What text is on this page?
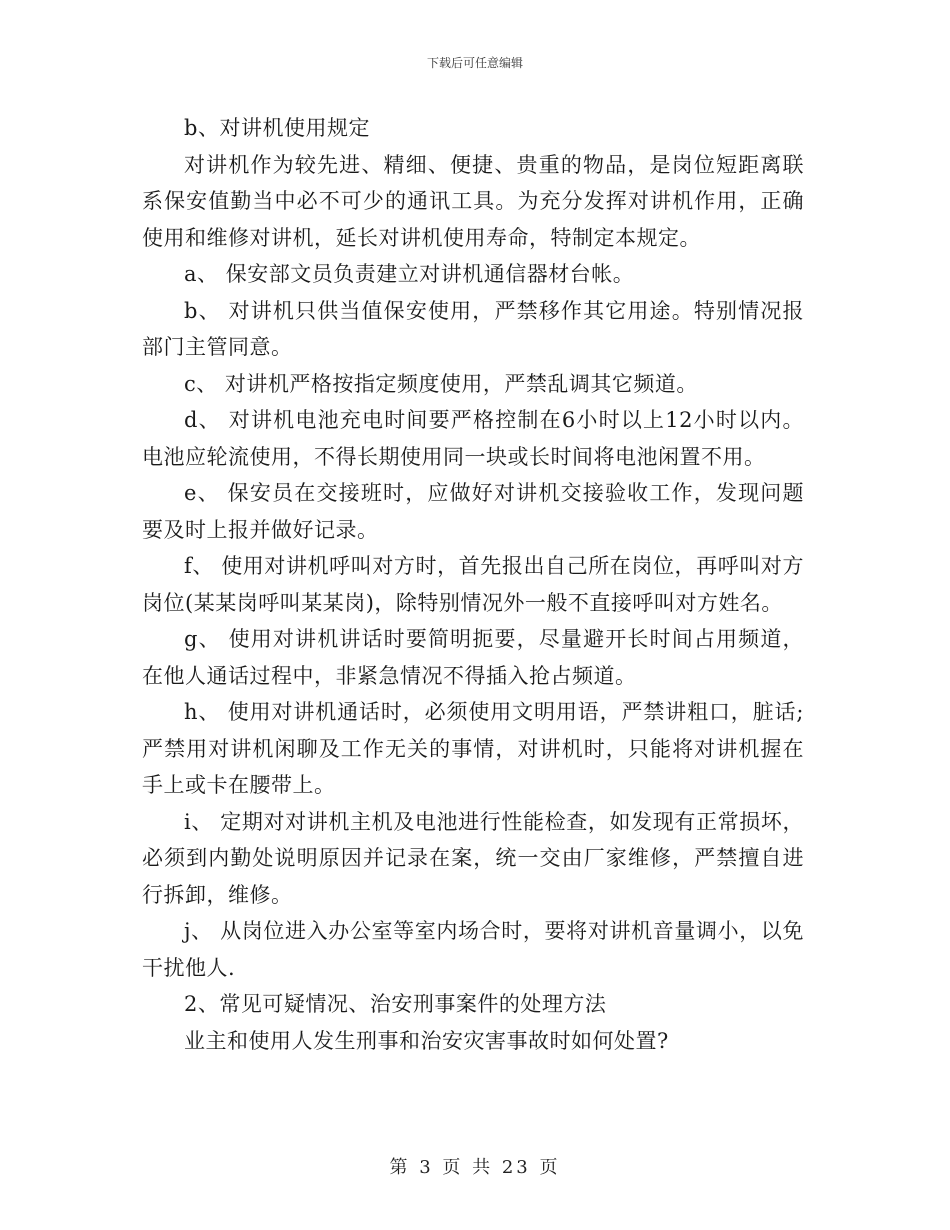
下载后可任意编辑

b、对讲机使用规定

对讲机作为较先进、精细、便捷、贵重的物品，是岗位短距离联系保安值勤当中必不可少的通讯工具。为充分发挥对讲机作用，正确使用和维修对讲机，延长对讲机使用寿命，特制定本规定。

a、 保安部文员负责建立对讲机通信器材台帐。

b、 对讲机只供当值保安使用，严禁移作其它用途。特别情况报部门主管同意。

c、 对讲机严格按指定频度使用，严禁乱调其它频道。

d、 对讲机电池充电时间要严格控制在6小时以上12小时以内。电池应轮流使用，不得长期使用同一块或长时间将电池闲置不用。

e、 保安员在交接班时，应做好对讲机交接验收工作，发现问题要及时上报并做好记录。

f、 使用对讲机呼叫对方时，首先报出自己所在岗位，再呼叫对方岗位(某某岗呼叫某某岗)，除特别情况外一般不直接呼叫对方姓名。

g、 使用对讲机讲话时要简明扼要，尽量避开长时间占用频道，在他人通话过程中，非紧急情况不得插入抢占频道。

h、 使用对讲机通话时，必须使用文明用语，严禁讲粗口，脏话;严禁用对讲机闲聊及工作无关的事情，对讲机时，只能将对讲机握在手上或卡在腰带上。

i、 定期对对讲机主机及电池进行性能检查，如发现有正常损坏，必须到内勤处说明原因并记录在案，统一交由厂家维修，严禁擅自进行拆卸，维修。

j、 从岗位进入办公室等室内场合时，要将对讲机音量调小，以免干扰他人.

2、常见可疑情况、治安刑事案件的处理方法

业主和使用人发生刑事和治安灾害事故时如何处置?

第 3 页 共 23 页
